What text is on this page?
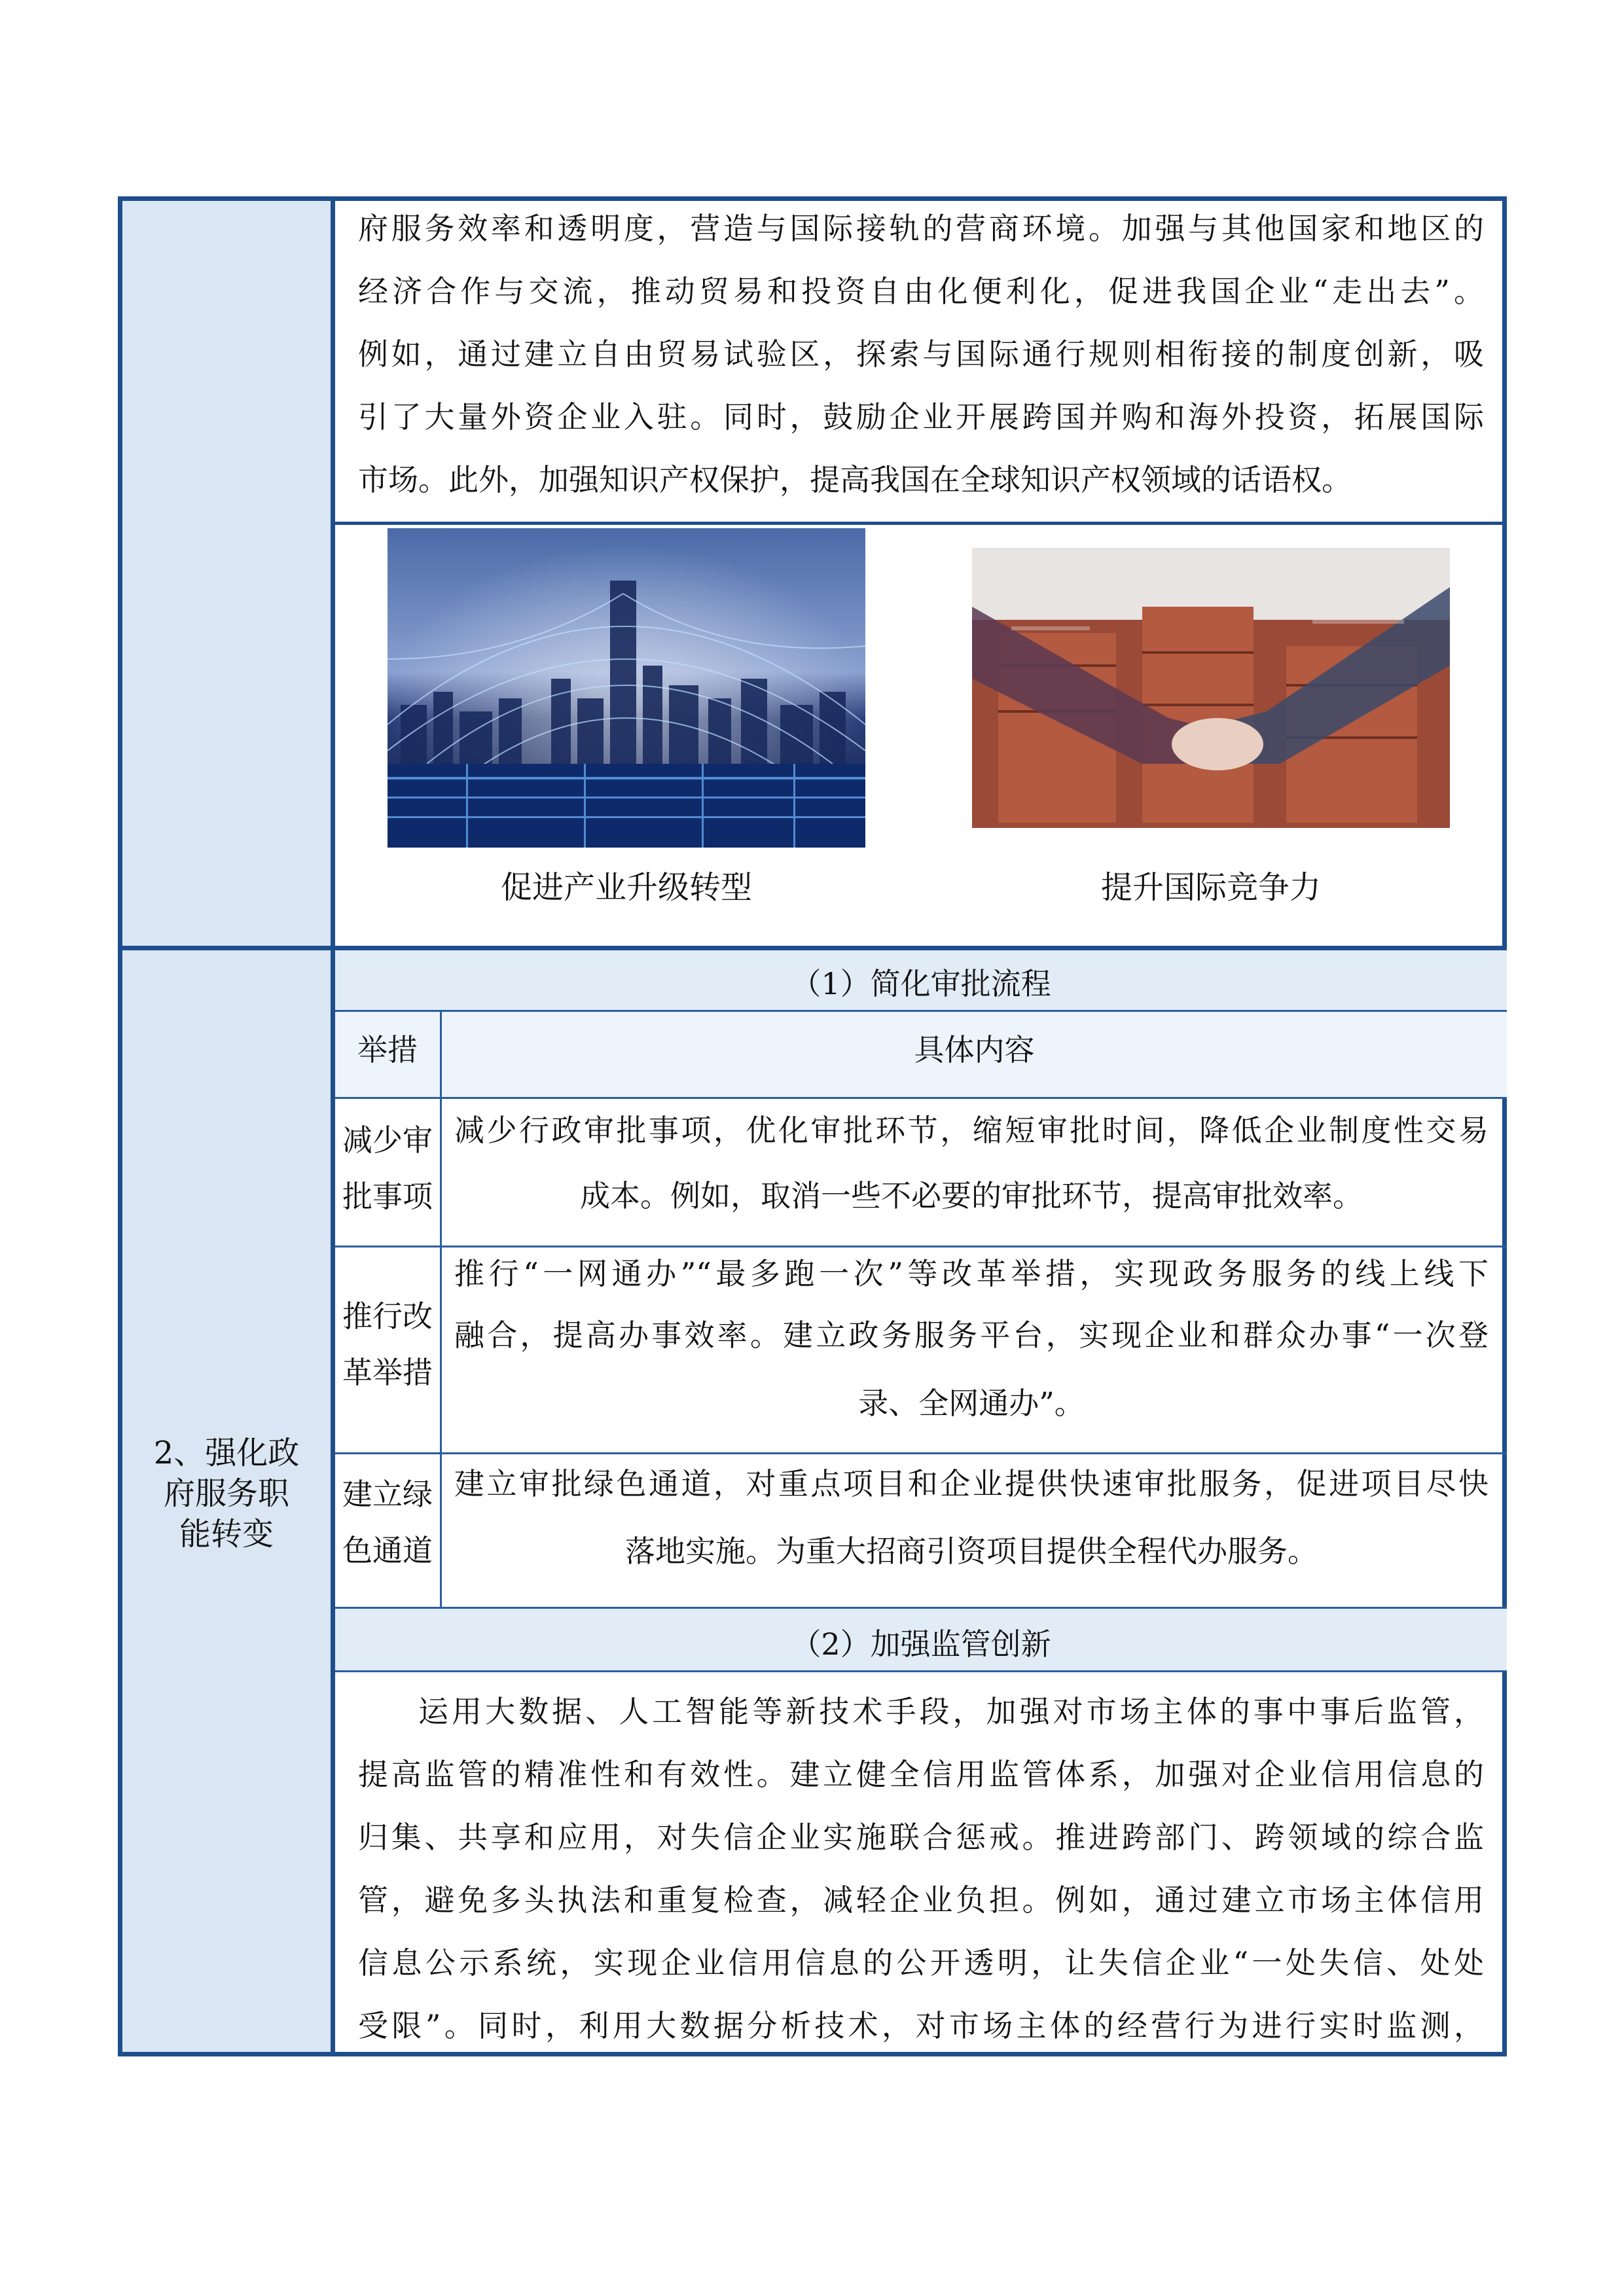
府服务效率和透明度，营造与国际接轨的营商环境。加强与其他国家和地区的
经济合作与交流，推动贸易和投资自由化便利化，促进我国企业“走出去”。
例如，通过建立自由贸易试验区，探索与国际通行规则相衔接的制度创新，吸
引了大量外资企业入驻。同时，鼓励企业开展跨国并购和海外投资，拓展国际
市场。此外，加强知识产权保护，提高我国在全球知识产权领域的话语权。
促进产业升级转型	提升国际竞争力
2、强化政
府服务职
能转变
（1）简化审批流程
举措	具体内容
减少审
批事项
减少行政审批事项，优化审批环节，缩短审批时间，降低企业制度性交易
成本。例如，取消一些不必要的审批环节，提高审批效率。
推行改
革举措
推行“一网通办”“最多跑一次”等改革举措，实现政务服务的线上线下
融合，提高办事效率。建立政务服务平台，实现企业和群众办事“一次登
录、全网通办”。
建立绿
色通道
建立审批绿色通道，对重点项目和企业提供快速审批服务，促进项目尽快
落地实施。为重大招商引资项目提供全程代办服务。
（2）加强监管创新
运用大数据、人工智能等新技术手段，加强对市场主体的事中事后监管，
提高监管的精准性和有效性。建立健全信用监管体系，加强对企业信用信息的
归集、共享和应用，对失信企业实施联合惩戒。推进跨部门、跨领域的综合监
管，避免多头执法和重复检查，减轻企业负担。例如，通过建立市场主体信用
信息公示系统，实现企业信用信息的公开透明，让失信企业“一处失信、处处
受限”。同时，利用大数据分析技术，对市场主体的经营行为进行实时监测，
